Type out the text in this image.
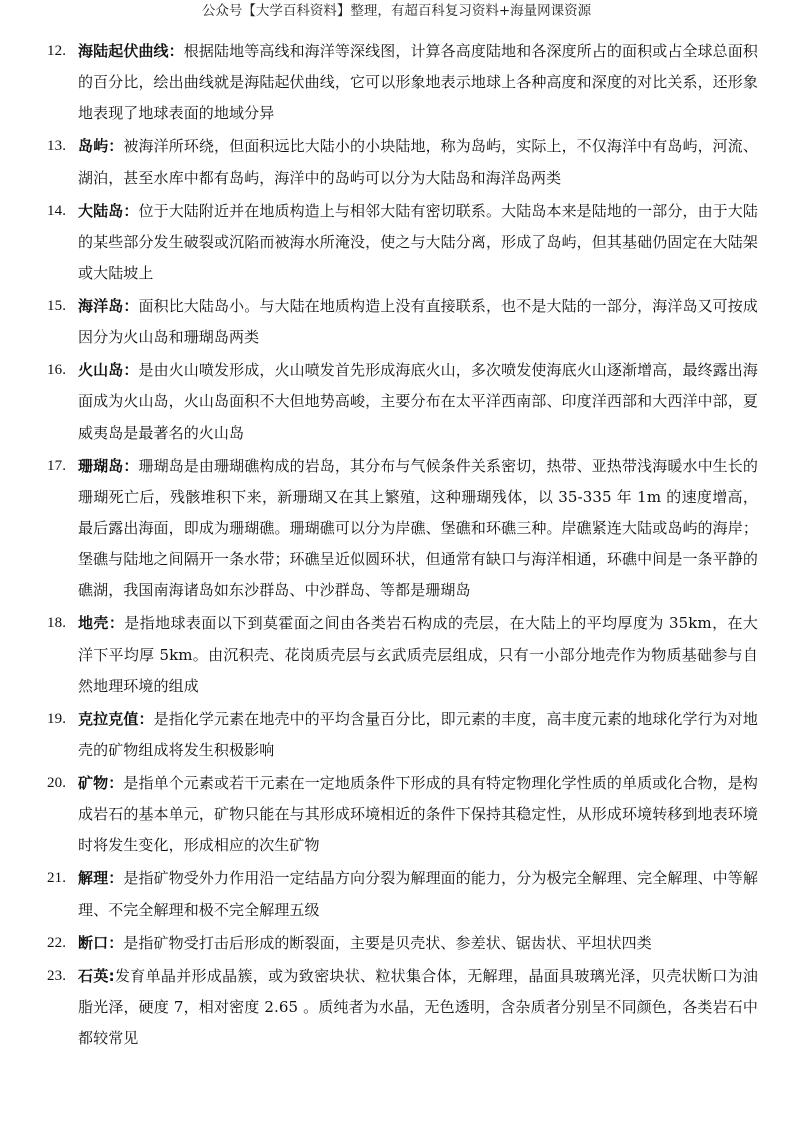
公众号【大学百科资料】整理，有超百科复习资料+海量网课资源
12. 海陆起伏曲线：根据陆地等高线和海洋等深线图，计算各高度陆地和各深度所占的面积或占全球总面积的百分比，绘出曲线就是海陆起伏曲线，它可以形象地表示地球上各种高度和深度的对比关系，还形象地表现了地球表面的地域分异
13. 岛屿：被海洋所环绕，但面积远比大陆小的小块陆地，称为岛屿，实际上，不仅海洋中有岛屿，河流、湖泊，甚至水库中都有岛屿，海洋中的岛屿可以分为大陆岛和海洋岛两类
14. 大陆岛：位于大陆附近并在地质构造上与相邻大陆有密切联系。大陆岛本来是陆地的一部分，由于大陆的某些部分发生破裂或沉陷而被海水所淹没，使之与大陆分离，形成了岛屿，但其基础仍固定在大陆架或大陆坡上
15. 海洋岛：面积比大陆岛小。与大陆在地质构造上没有直接联系，也不是大陆的一部分，海洋岛又可按成因分为火山岛和珊瑚岛两类
16. 火山岛：是由火山喷发形成，火山喷发首先形成海底火山，多次喷发使海底火山逐渐增高，最终露出海面成为火山岛，火山岛面积不大但地势高峻，主要分布在太平洋西南部、印度洋西部和大西洋中部，夏威夷岛是最著名的火山岛
17. 珊瑚岛：珊瑚岛是由珊瑚礁构成的岩岛，其分布与气候条件关系密切，热带、亚热带浅海暖水中生长的珊瑚死亡后，残骸堆积下来，新珊瑚又在其上繁殖，这种珊瑚残体，以 35-335 年 1m 的速度增高，最后露出海面，即成为珊瑚礁。珊瑚礁可以分为岸礁、堡礁和环礁三种。岸礁紧连大陆或岛屿的海岸；堡礁与陆地之间隔开一条水带；环礁呈近似圆环状，但通常有缺口与海洋相通，环礁中间是一条平静的礁湖，我国南海诸岛如东沙群岛、中沙群岛、等都是珊瑚岛
18. 地壳：是指地球表面以下到莫霍面之间由各类岩石构成的壳层，在大陆上的平均厚度为 35km，在大洋下平均厚 5km。由沉积壳、花岗质壳层与玄武质壳层组成，只有一小部分地壳作为物质基础参与自然地理环境的组成
19. 克拉克值：是指化学元素在地壳中的平均含量百分比，即元素的丰度，高丰度元素的地球化学行为对地壳的矿物组成将发生积极影响
20. 矿物：是指单个元素或若干元素在一定地质条件下形成的具有特定物理化学性质的单质或化合物，是构成岩石的基本单元，矿物只能在与其形成环境相近的条件下保持其稳定性，从形成环境转移到地表环境时将发生变化，形成相应的次生矿物
21. 解理：是指矿物受外力作用沿一定结晶方向分裂为解理面的能力，分为极完全解理、完全解理、中等解理、不完全解理和极不完全解理五级
22. 断口：是指矿物受打击后形成的断裂面，主要是贝壳状、参差状、锯齿状、平坦状四类
23. 石英:发育单晶并形成晶簇，或为致密块状、粒状集合体，无解理，晶面具玻璃光泽，贝壳状断口为油脂光泽，硬度 7，相对密度 2.65 。质纯者为水晶，无色透明，含杂质者分别呈不同颜色，各类岩石中都较常见
